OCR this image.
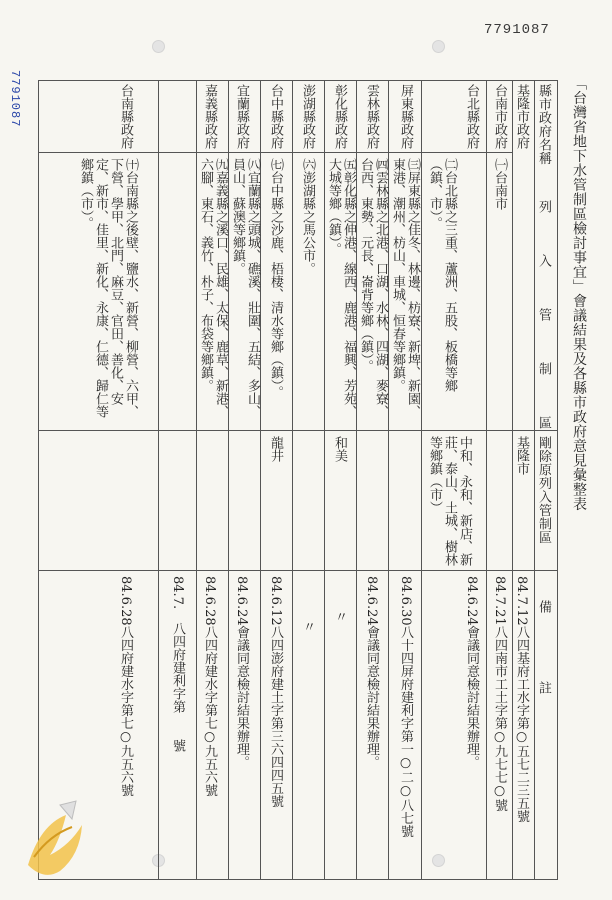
7791087
7791087	「台灣省地下水管制區檢討事宜」會議結果及各縣市政府意見彙整表
縣市政府名稱
列　入　管　制　區
剛除原列入管制區
備　　註
基隆市政府
基隆市
84.7.12八四基府工水字第○五七二三五號
台南市政府
㈠台南市
84.7.21八四南市工土字第○九七七○號
台北縣政府
㈡台北縣之三重、蘆洲、五股、板橋等鄉（鎮、市）。
中和、永和、新店、新莊、泰山、土城、樹林等鄉鎮（市）
84.6.24會議同意檢討結果辦理。
屏東縣政府
㈢屏東縣之佳冬、林邊、枋寮、新埤、新園、東港、潮州、枋山、車城、恒春等鄉鎮。
84.6.30八十四屏府建利字第一○二○八七號
雲林縣政府
㈣雲林縣之北港、口湖、水林、四湖、麥寮、台西、東勢、元長、崙背等鄉（鎮）。
84.6.24會議同意檢討結果辦理。
彰化縣政府
㈤彰化縣之伸港、線西、鹿港、福興、芳苑、大城等鄉（鎮）。
和美
〃
澎湖縣政府
㈥澎湖縣之馬公市。
〃
台中縣政府
㈦台中縣之沙鹿、梧棲、清水等鄉（鎮）。
龍井
84.6.12八四澎府建土字第三六四四五號
宜蘭縣政府
㈧宜蘭縣之頭城、礁溪、壯圍、五結、多山、員山、蘇澳等鄉鎮。
84.6.24會議同意檢討結果辦理。
嘉義縣政府
㈨嘉義縣之溪口、民雄、太保、鹿草、新港、六腳、東石、義竹、朴子、布袋等鄉鎮。
84.6.28八四府建水字第七○九五六號
台南縣政府
㈩台南縣之後壁、鹽水、新營、柳營、六甲、下營、學甲、北門、麻豆、官田、善化、安定、新市、佳里、新化、永康、仁德、歸仁等鄉鎮（市）。
84.7.　八四府建利字第　　號
84.6.28八四府建水字第七○九五六號
